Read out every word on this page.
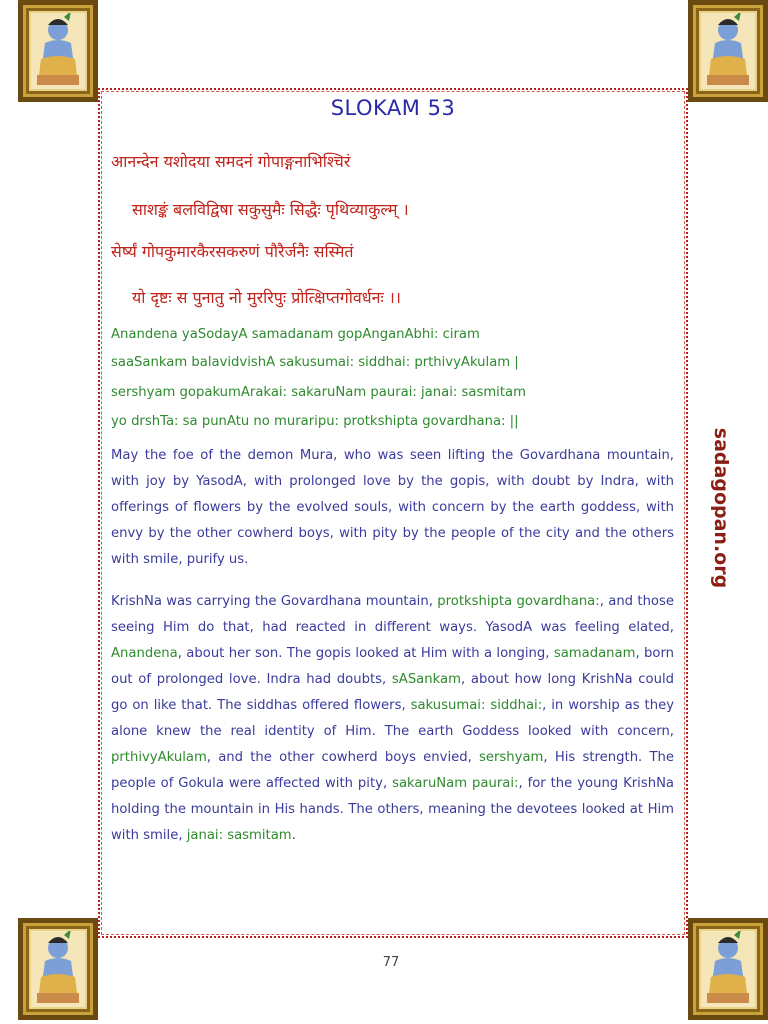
SLOKAM 53
आनन्देन यशोदया समदनं गोपाङ्गनाभिश्चिरं
साशङ्कं बलविद्विषा सकुसुमैः सिद्धैः पृथिव्याकुल्म् ।
सेर्ष्यं गोपकुमारकैरसकरुणं पौरैर्जनैः सस्मितं
यो दृष्टः स पुनातु नो मुररिपुः प्रोत्क्षिप्तगोवर्धनः ।।
Anandena yaSodayA samadanam gopAnganAbhi: ciram
saaSankam balavidvishA sakusumai: siddhai: prthivyAkulam |
sershyam gopakumArakai: sakaruNam paurai: janai: sasmitam
yo drshTa: sa punAtu no muraripu: protkshipta govardhana: ||
May the foe of the demon Mura, who was seen lifting the Govardhana mountain, with joy by YasodA, with prolonged love by the gopis, with doubt by Indra, with offerings of flowers by the evolved souls, with concern by the earth goddess, with envy by the other cowherd boys, with pity by the people of the city and the others with smile, purify us.
KrishNa was carrying the Govardhana mountain, protkshipta govardhana:, and those seeing Him do that, had reacted in different ways. YasodA was feeling elated, Anandena, about her son. The gopis looked at Him with a longing, samadanam, born out of prolonged love. Indra had doubts, sASankam, about how long KrishNa could go on like that. The siddhas offered flowers, sakusumai: siddhai:, in worship as they alone knew the real identity of Him. The earth Goddess looked with concern, prthivyAkulam, and the other cowherd boys envied, sershyam, His strength. The people of Gokula were affected with pity, sakaruNam paurai:, for the young KrishNa holding the mountain in His hands. The others, meaning the devotees looked at Him with smile, janai: sasmitam.
sadagopan.org
77
